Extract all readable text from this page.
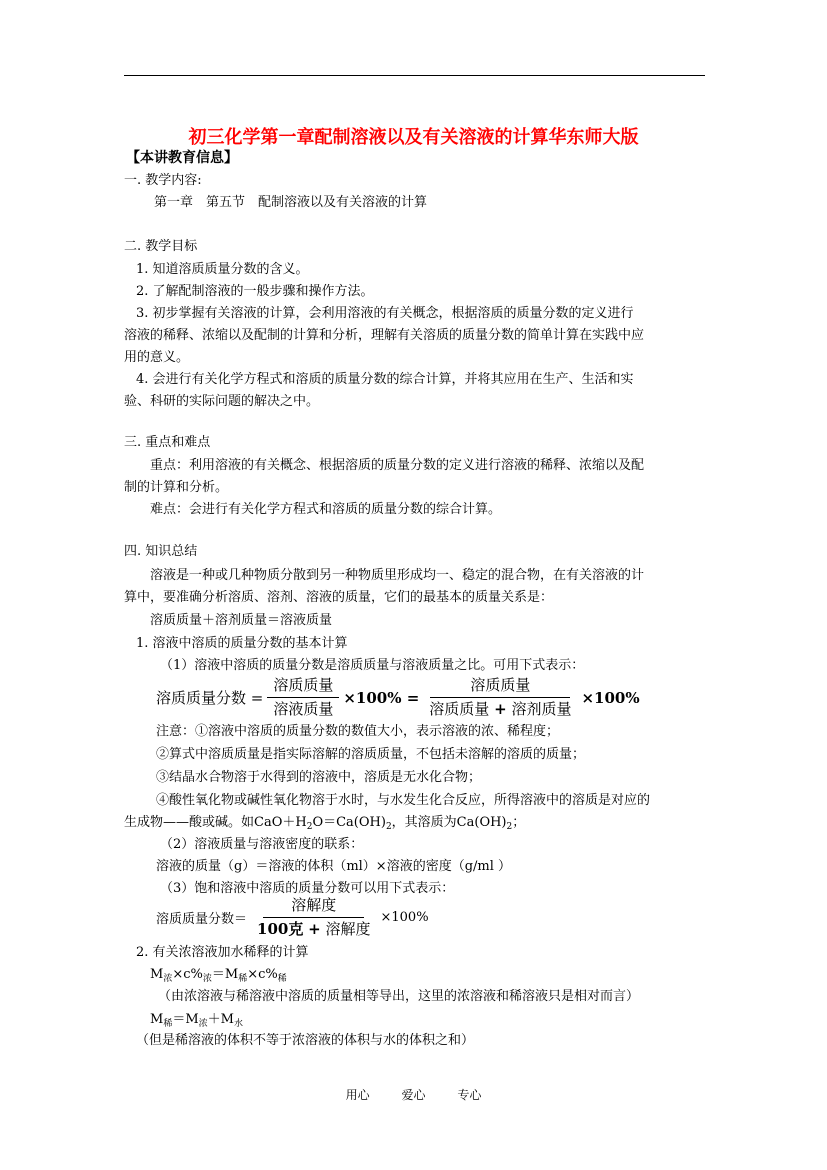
初三化学第一章配制溶液以及有关溶液的计算华东师大版
【本讲教育信息】
一. 教学内容:
第一章　第五节　配制溶液以及有关溶液的计算
二. 教学目标
1. 知道溶质质量分数的含义。
2. 了解配制溶液的一般步骤和操作方法。
3. 初步掌握有关溶液的计算，会利用溶液的有关概念，根据溶质的质量分数的定义进行
溶液的稀释、浓缩以及配制的计算和分析，理解有关溶质的质量分数的简单计算在实践中应
用的意义。
4. 会进行有关化学方程式和溶质的质量分数的综合计算，并将其应用在生产、生活和实
验、科研的实际问题的解决之中。
三. 重点和难点
重点：利用溶液的有关概念、根据溶质的质量分数的定义进行溶液的稀释、浓缩以及配
制的计算和分析。
难点：会进行有关化学方程式和溶质的质量分数的综合计算。
四. 知识总结
溶液是一种或几种物质分散到另一种物质里形成均一、稳定的混合物，在有关溶液的计
算中，要准确分析溶质、溶剂、溶液的质量，它们的最基本的质量关系是：
溶质质量＋溶剂质量＝溶液质量
1. 溶液中溶质的质量分数的基本计算
（1）溶液中溶质的质量分数是溶质质量与溶液质量之比。可用下式表示：
溶质质量分数 = $\frac{\text{溶质质量}}{\text{溶液质量}} \times 100\% = \frac{\text{溶质质量}}{\text{溶质质量 + 溶剂质量}} \times 100\%$
注意：①溶液中溶质的质量分数的数值大小，表示溶液的浓、稀程度；
②算式中溶质质量是指实际溶解的溶质质量，不包括未溶解的溶质的质量；
③结晶水合物溶于水得到的溶液中，溶质是无水化合物；
④酸性氧化物或碱性氧化物溶于水时，与水发生化合反应，所得溶液中的溶质是对应的
生成物——酸或碱。如$CaO+H_2O=Ca(OH)_2$，其溶质为$Ca(OH)_2$；
（2）溶液质量与溶液密度的联系：
溶液的质量（g）＝溶液的体积（ml）×溶液的密度（g/ml ）
（3）饱和溶液中溶质的质量分数可以用下式表示：
溶质质量分数＝ $\frac{\text{溶解度}}{\text{100克 + 溶解度}} \times 100\%$
2. 有关浓溶液加水稀释的计算
$M_浓\times c\%_浓=M_稀\times c\%_稀$
（由浓溶液与稀溶液中溶质的质量相等导出，这里的浓溶液和稀溶液只是相对而言）
$M_稀=M_浓+M_水$
（但是稀溶液的体积不等于浓溶液的体积与水的体积之和）
用心	爱心	专心
